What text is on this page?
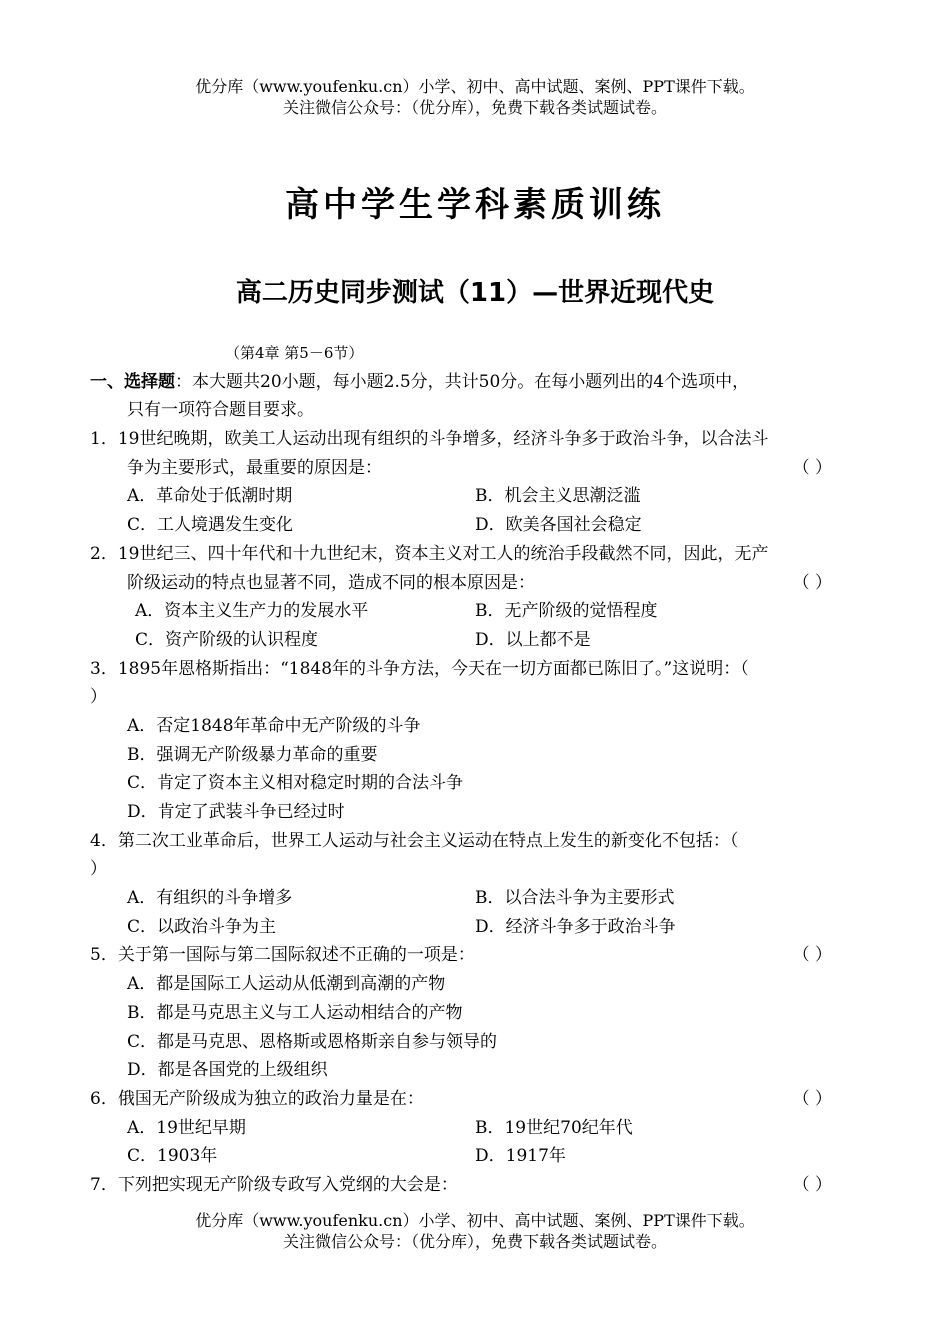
优分库（www.youfenku.cn）小学、初中、高中试题、案例、PPT课件下载。
关注微信公众号：（优分库），免费下载各类试题试卷。
高中学生学科素质训练
高二历史同步测试（11）—世界近现代史
（第4章 第5－6节）
一、选择题：本大题共20小题，每小题2.5分，共计50分。在每小题列出的4个选项中，
只有一项符合题目要求。
1．19世纪晚期，欧美工人运动出现有组织的斗争增多，经济斗争多于政治斗争，以合法斗
争为主要形式，最重要的原因是：	（ ）
A．革命处于低潮时期	B．机会主义思潮泛滥
C．工人境遇发生变化	D．欧美各国社会稳定
2．19世纪三、四十年代和十九世纪末，资本主义对工人的统治手段截然不同，因此，无产
阶级运动的特点也显著不同，造成不同的根本原因是：	（ ）
A．资本主义生产力的发展水平	B．无产阶级的觉悟程度
C．资产阶级的认识程度	D．以上都不是
3．1895年恩格斯指出：“1848年的斗争方法，今天在一切方面都已陈旧了。”这说明：（
）
A．否定1848年革命中无产阶级的斗争
B．强调无产阶级暴力革命的重要
C．肯定了资本主义相对稳定时期的合法斗争
D．肯定了武装斗争已经过时
4．第二次工业革命后，世界工人运动与社会主义运动在特点上发生的新变化不包括：（
）
A．有组织的斗争增多	B．以合法斗争为主要形式
C．以政治斗争为主	D．经济斗争多于政治斗争
5．关于第一国际与第二国际叙述不正确的一项是：	（ ）
A．都是国际工人运动从低潮到高潮的产物
B．都是马克思主义与工人运动相结合的产物
C．都是马克思、恩格斯或恩格斯亲自参与领导的
D．都是各国党的上级组织
6．俄国无产阶级成为独立的政治力量是在：	（ ）
A．19世纪早期	B．19世纪70纪年代
C．1903年	D．1917年
7．下列把实现无产阶级专政写入党纲的大会是：	（ ）
优分库（www.youfenku.cn）小学、初中、高中试题、案例、PPT课件下载。
关注微信公众号：（优分库），免费下载各类试题试卷。
